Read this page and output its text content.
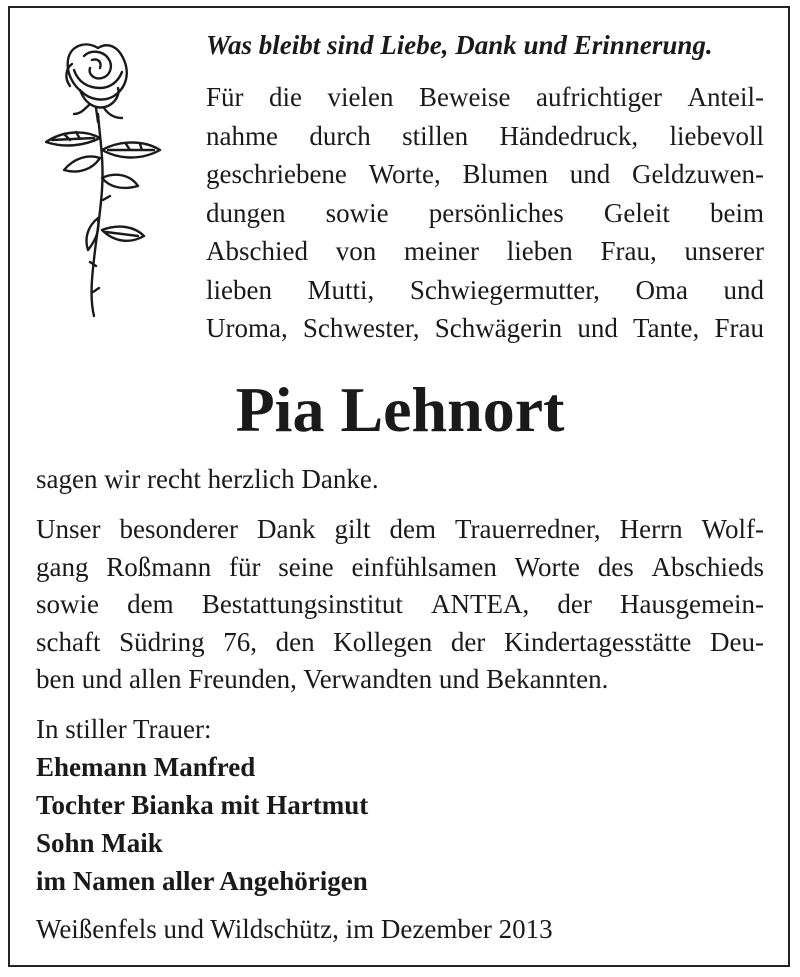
Was bleibt sind Liebe, Dank und Erinnerung.
Für die vielen Beweise aufrichtiger Anteil-
nahme durch stillen Händedruck, liebevoll
geschriebene Worte, Blumen und Geldzuwen-
dungen sowie persönliches Geleit beim
Abschied von meiner lieben Frau, unserer
lieben Mutti, Schwiegermutter, Oma und
Uroma, Schwester, Schwägerin und Tante, Frau
Pia Lehnort
sagen wir recht herzlich Danke.
Unser besonderer Dank gilt dem Trauerredner, Herrn Wolf-
gang Roßmann für seine einfühlsamen Worte des Abschieds
sowie dem Bestattungsinstitut ANTEA, der Hausgemein-
schaft Südring 76, den Kollegen der Kindertagesstätte Deu-
ben und allen Freunden, Verwandten und Bekannten.
In stiller Trauer:
Ehemann Manfred
Tochter Bianka mit Hartmut
Sohn Maik
im Namen aller Angehörigen
Weißenfels und Wildschütz, im Dezember 2013
